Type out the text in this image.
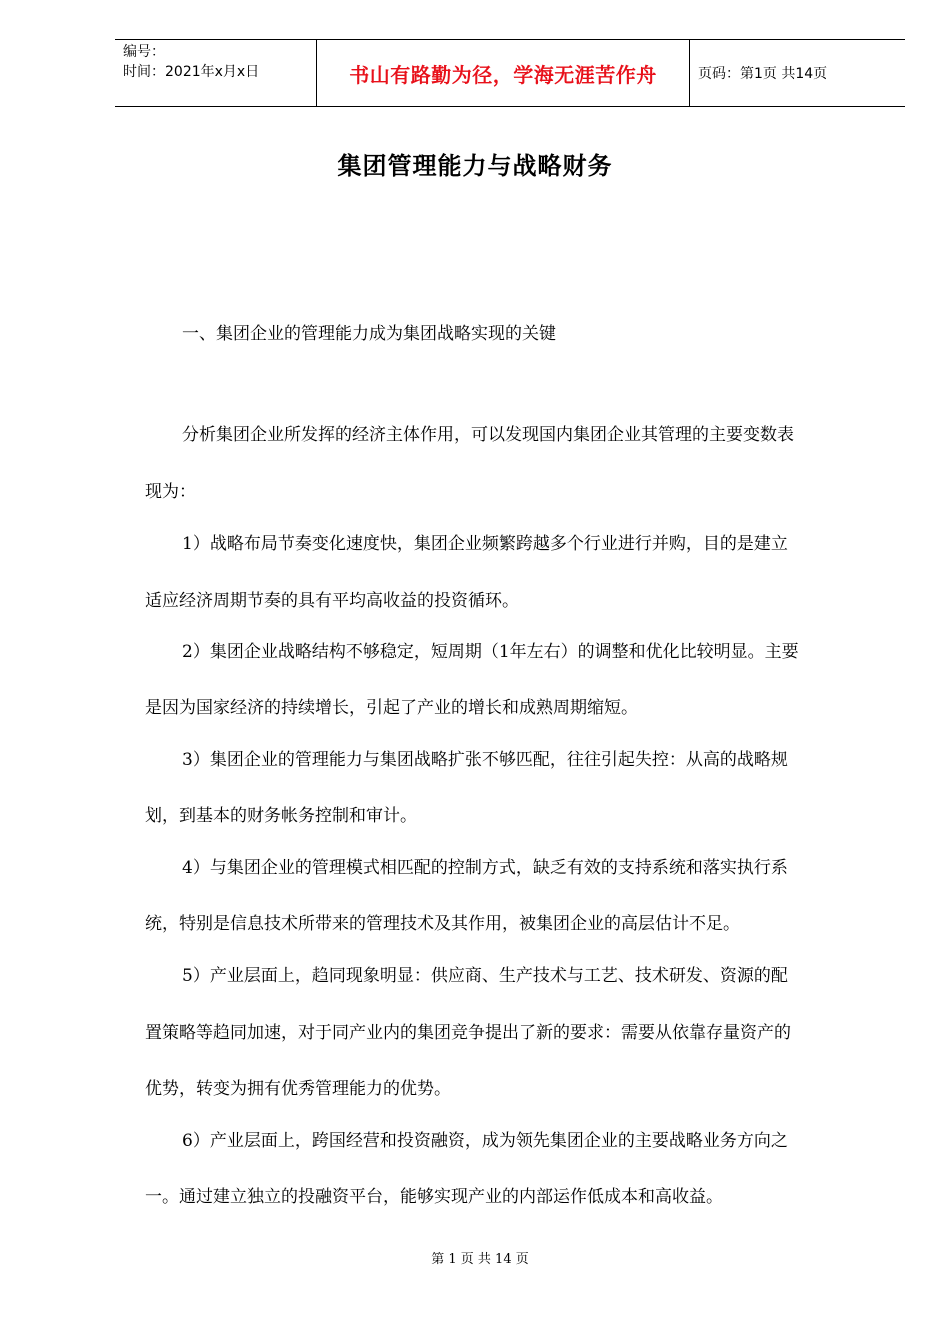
编号：
时间：2021年x月x日	书山有路勤为径，学海无涯苦作舟	页码：第1页 共14页
集团管理能力与战略财务
一、集团企业的管理能力成为集团战略实现的关键
分析集团企业所发挥的经济主体作用，可以发现国内集团企业其管理的主要变数表
现为：
1）战略布局节奏变化速度快，集团企业频繁跨越多个行业进行并购，目的是建立
适应经济周期节奏的具有平均高收益的投资循环。
2）集团企业战略结构不够稳定，短周期（1年左右）的调整和优化比较明显。主要
是因为国家经济的持续增长，引起了产业的增长和成熟周期缩短。
3）集团企业的管理能力与集团战略扩张不够匹配，往往引起失控：从高的战略规
划，到基本的财务帐务控制和审计。
4）与集团企业的管理模式相匹配的控制方式，缺乏有效的支持系统和落实执行系
统，特别是信息技术所带来的管理技术及其作用，被集团企业的高层估计不足。
5）产业层面上，趋同现象明显：供应商、生产技术与工艺、技术研发、资源的配
置策略等趋同加速，对于同产业内的集团竞争提出了新的要求：需要从依靠存量资产的
优势，转变为拥有优秀管理能力的优势。
6）产业层面上，跨国经营和投资融资，成为领先集团企业的主要战略业务方向之
一。通过建立独立的投融资平台，能够实现产业的内部运作低成本和高收益。
第 1 页 共 14 页
